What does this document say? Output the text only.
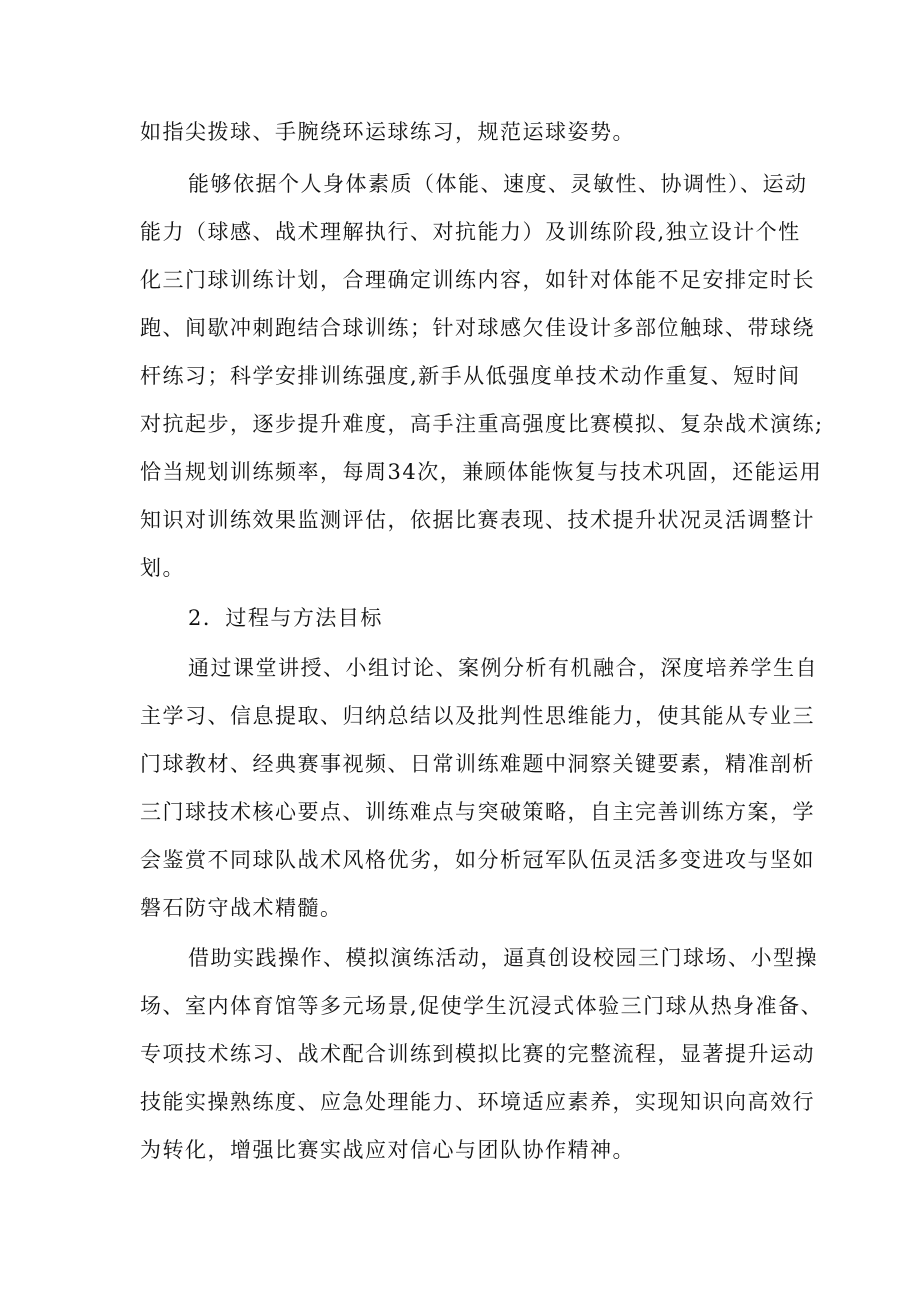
如指尖拨球、手腕绕环运球练习，规范运球姿势。
能够依据个人身体素质（体能、速度、灵敏性、协调性）、运动
能力（球感、战术理解执行、对抗能力）及训练阶段,独立设计个性
化三门球训练计划，合理确定训练内容，如针对体能不足安排定时长
跑、间歇冲刺跑结合球训练；针对球感欠佳设计多部位触球、带球绕
杆练习；科学安排训练强度,新手从低强度单技术动作重复、短时间
对抗起步，逐步提升难度，高手注重高强度比赛模拟、复杂战术演练;
恰当规划训练频率，每周34次，兼顾体能恢复与技术巩固，还能运用
知识对训练效果监测评估，依据比赛表现、技术提升状况灵活调整计
划。
2．过程与方法目标
通过课堂讲授、小组讨论、案例分析有机融合，深度培养学生自
主学习、信息提取、归纳总结以及批判性思维能力，使其能从专业三
门球教材、经典赛事视频、日常训练难题中洞察关键要素，精准剖析
三门球技术核心要点、训练难点与突破策略，自主完善训练方案，学
会鉴赏不同球队战术风格优劣，如分析冠军队伍灵活多变进攻与坚如
磐石防守战术精髓。
借助实践操作、模拟演练活动，逼真创设校园三门球场、小型操
场、室内体育馆等多元场景,促使学生沉浸式体验三门球从热身准备、
专项技术练习、战术配合训练到模拟比赛的完整流程，显著提升运动
技能实操熟练度、应急处理能力、环境适应素养，实现知识向高效行
为转化，增强比赛实战应对信心与团队协作精神。
